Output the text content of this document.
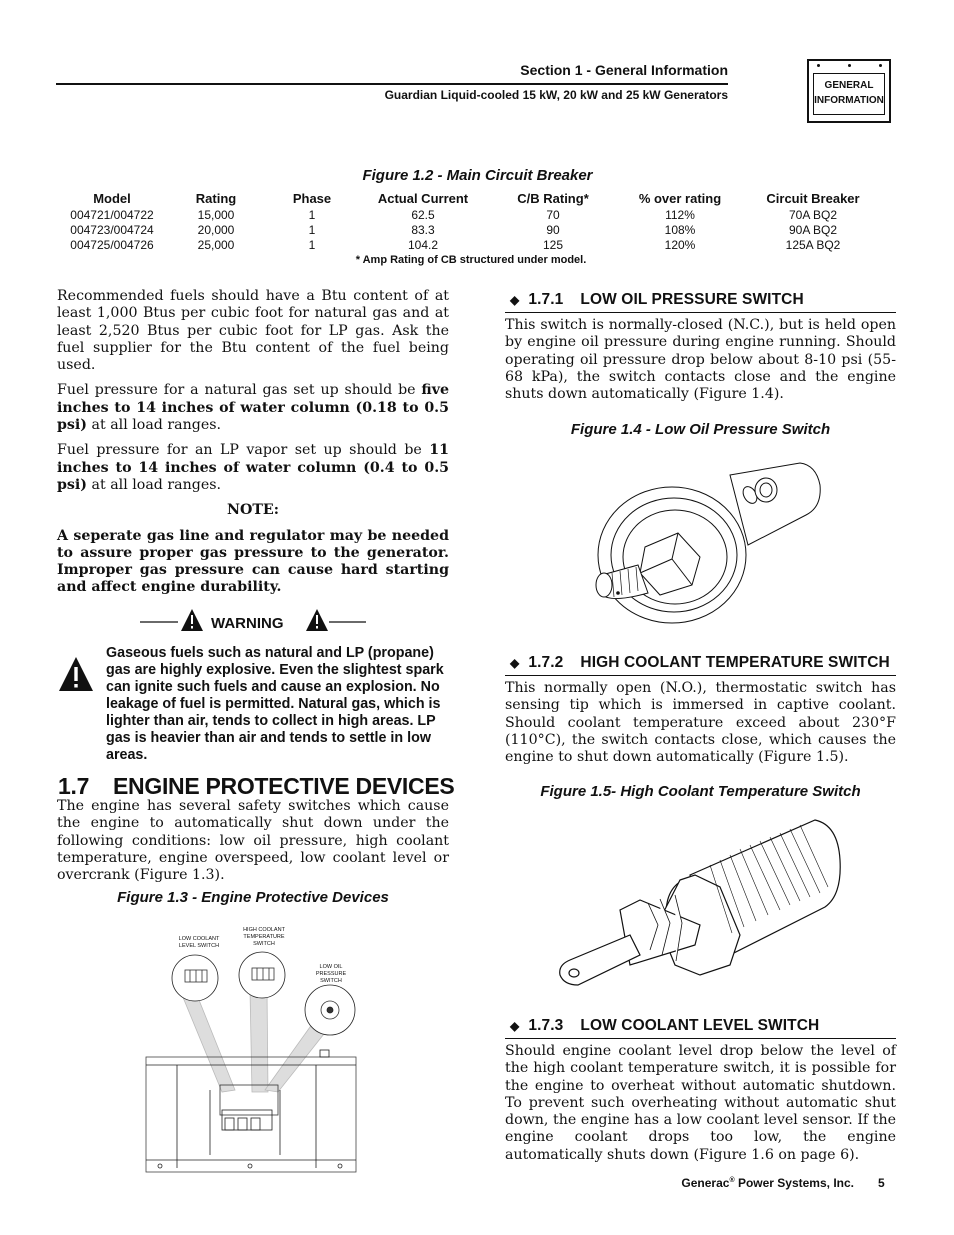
Section 1 - General Information
Guardian Liquid-cooled 15 kW, 20 kW and 25 kW Generators
GENERAL
INFORMATION
Figure 1.2 - Main Circuit Breaker
Model	Rating	Phase	Actual Current	C/B Rating*	% over rating	Circuit Breaker
004721/004722	15,000	1	62.5	70	112%	70A BQ2
004723/004724	20,000	1	83.3	90	108%	90A BQ2
004725/004726	25,000	1	104.2	125	120%	125A BQ2
* Amp Rating of CB structured under model.

Recommended fuels should have a Btu content of at least 1,000 Btus per cubic foot for natural gas and at least 2,520 Btus per cubic foot for LP gas. Ask the fuel supplier for the Btu content of the fuel being used.

Fuel pressure for a natural gas set up should be five inches to 14 inches of water column (0.18 to 0.5 psi) at all load ranges.

Fuel pressure for an LP vapor set up should be 11 inches to 14 inches of water column (0.4 to 0.5 psi) at all load ranges.

NOTE:

A seperate gas line and regulator may be needed to assure proper gas pressure to the generator. Improper gas pressure can cause hard starting and affect engine durability.

WARNING
Gaseous fuels such as natural and LP (propane) gas are highly explosive. Even the slightest spark can ignite such fuels and cause an explosion. No leakage of fuel is permitted. Natural gas, which is lighter than air, tends to collect in high areas. LP gas is heavier than air and tends to settle in low areas.
1.7 ENGINE PROTECTIVE DEVICES
The engine has several safety switches which cause the engine to automatically shut down under the following conditions: low oil pressure, high coolant temperature, engine overspeed, low coolant level or overcrank (Figure 1.3).
Figure 1.3 - Engine Protective Devices
LOW COOLANT
LEVEL SWITCH
HIGH COOLANT
TEMPERATURE
SWITCH
LOW OIL
PRESSURE
SWITCH
◆ 1.7.1 LOW OIL PRESSURE SWITCH
This switch is normally-closed (N.C.), but is held open by engine oil pressure during engine running. Should operating oil pressure drop below about 8-10 psi (55-68 kPa), the switch contacts close and the engine shuts down automatically (Figure 1.4).
Figure 1.4 - Low Oil Pressure Switch
◆ 1.7.2 HIGH COOLANT TEMPERATURE SWITCH
This normally open (N.O.), thermostatic switch has sensing tip which is immersed in captive coolant. Should coolant temperature exceed about 230°F (110°C), the switch contacts close, which causes the engine to shut down automatically (Figure 1.5).
Figure 1.5- High Coolant Temperature Switch
◆ 1.7.3 LOW COOLANT LEVEL SWITCH
Should engine coolant level drop below the level of the high coolant temperature switch, it is possible for the engine to overheat without automatic shutdown. To prevent such overheating without automatic shut down, the engine has a low coolant level sensor. If the engine coolant drops too low, the engine automatically shuts down (Figure 1.6 on page 6).
Generac® Power Systems, Inc. 5
